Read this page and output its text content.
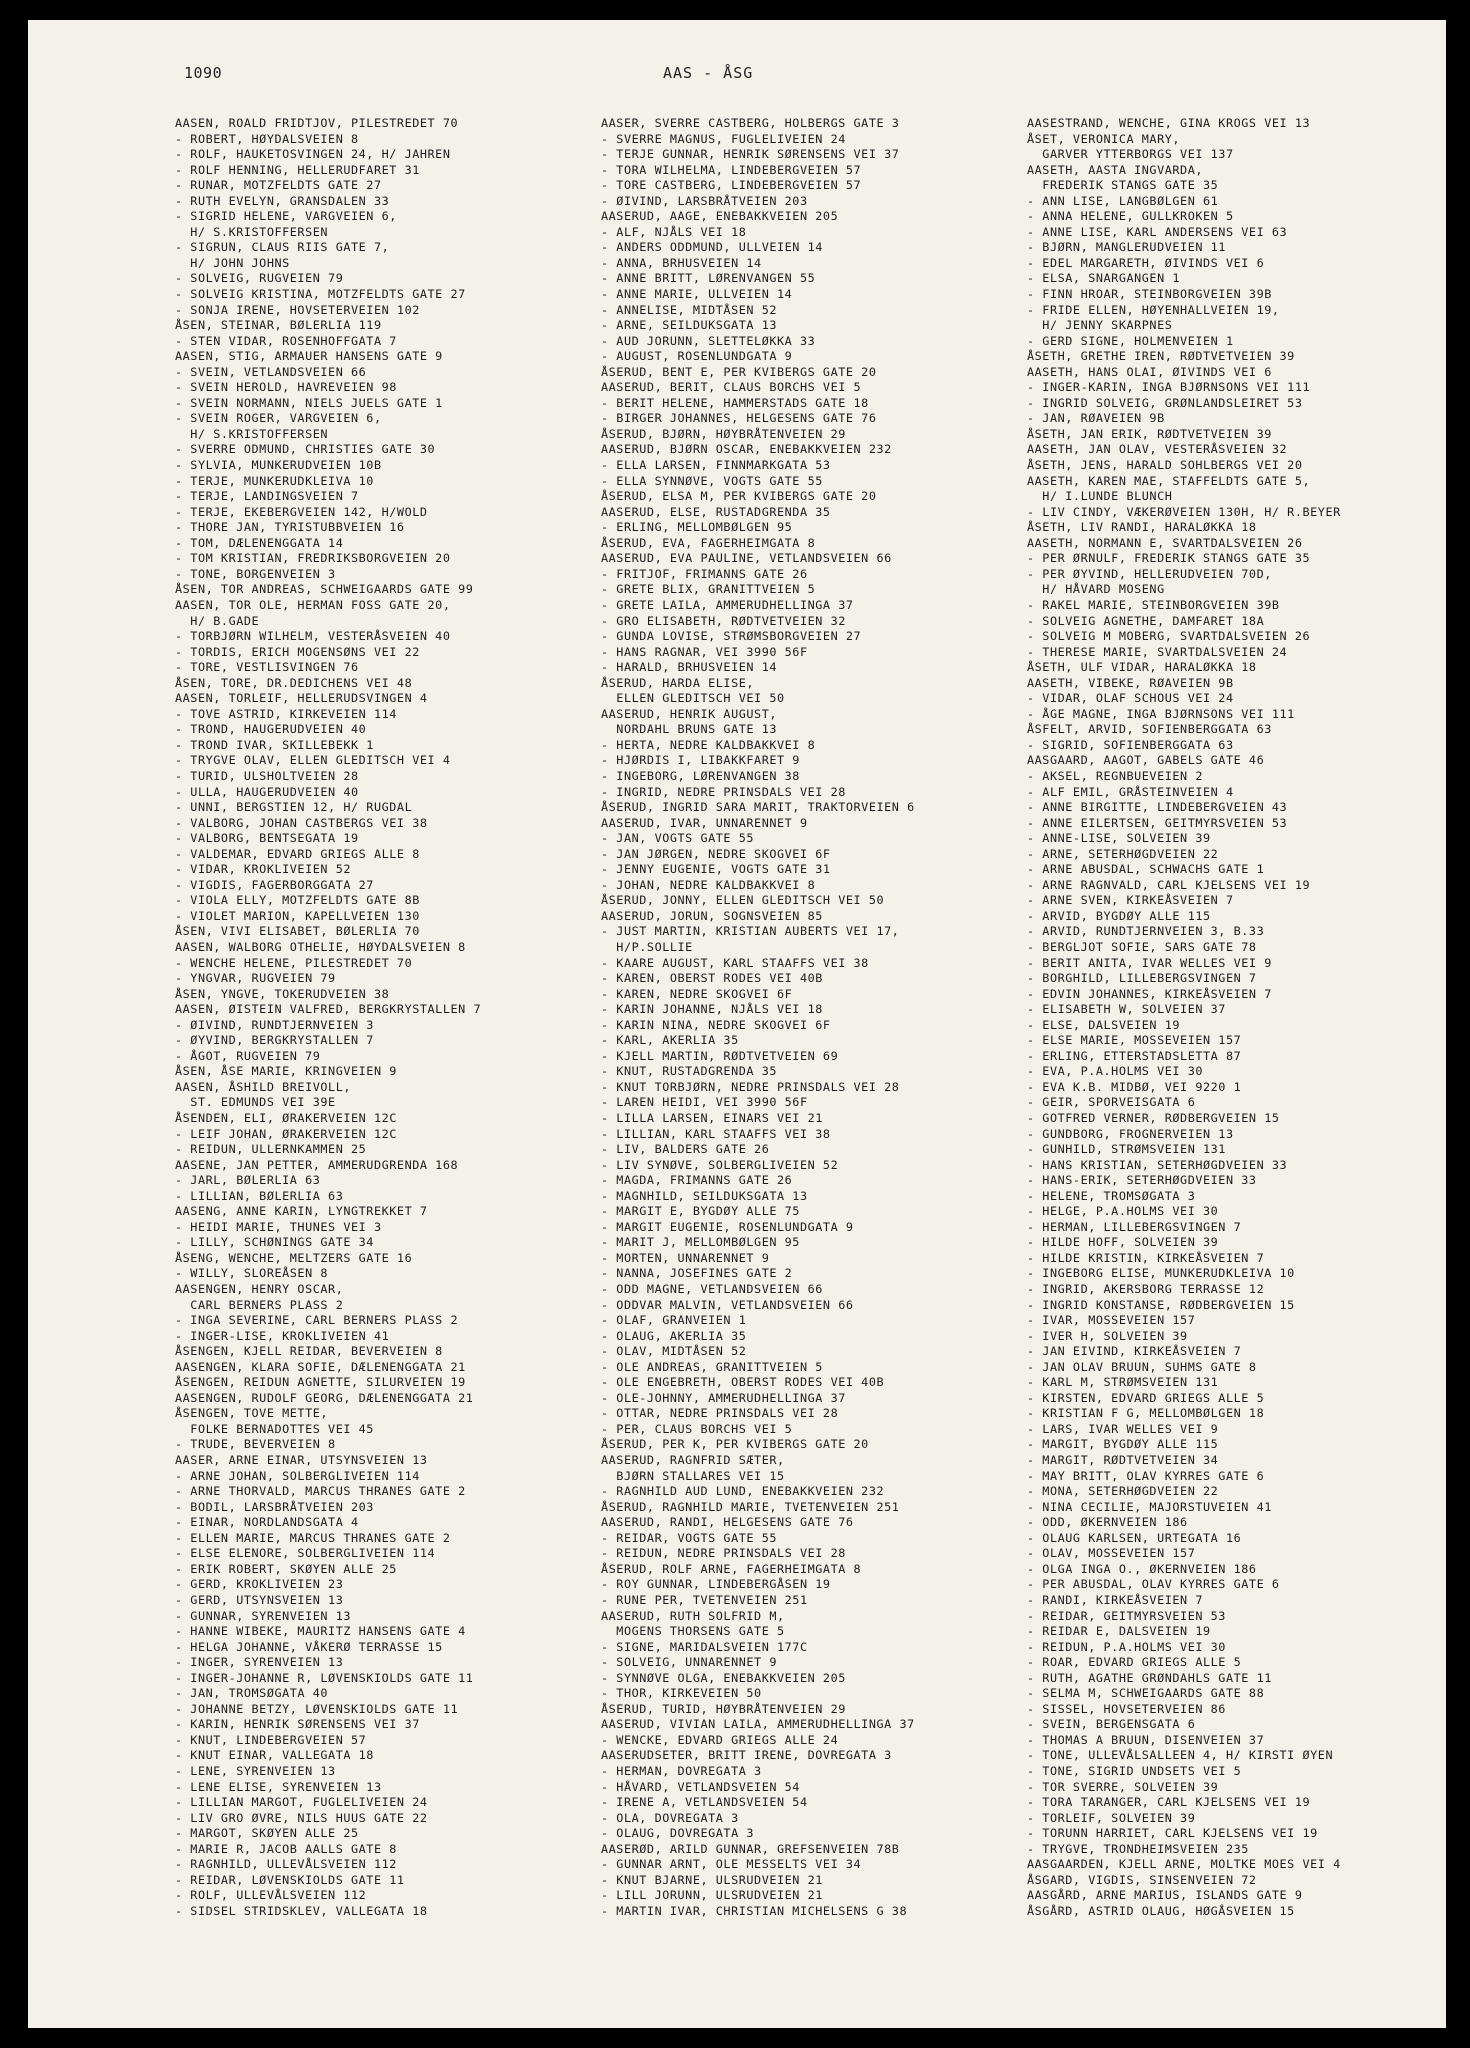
1090	AAS - ÅSG
AASEN, ROALD FRIDTJOV, PILESTREDET 70
- ROBERT, HØYDALSVEIEN 8
- ROLF, HAUKETOSVINGEN 24, H/ JAHREN
- ROLF HENNING, HELLERUDFARET 31
- RUNAR, MOTZFELDTS GATE 27
- RUTH EVELYN, GRANSDALEN 33
- SIGRID HELENE, VARGVEIEN 6,
H/ S.KRISTOFFERSEN
- SIGRUN, CLAUS RIIS GATE 7,
H/ JOHN JOHNS
- SOLVEIG, RUGVEIEN 79
- SOLVEIG KRISTINA, MOTZFELDTS GATE 27
- SONJA IRENE, HOVSETERVEIEN 102
ÅSEN, STEINAR, BØLERLIA 119
- STEN VIDAR, ROSENHOFFGATA 7
AASEN, STIG, ARMAUER HANSENS GATE 9
- SVEIN, VETLANDSVEIEN 66
- SVEIN HEROLD, HAVREVEIEN 98
- SVEIN NORMANN, NIELS JUELS GATE 1
- SVEIN ROGER, VARGVEIEN 6,
H/ S.KRISTOFFERSEN
- SVERRE ODMUND, CHRISTIES GATE 30
- SYLVIA, MUNKERUDVEIEN 10B
- TERJE, MUNKERUDKLEIVA 10
- TERJE, LANDINGSVEIEN 7
- TERJE, EKEBERGVEIEN 142, H/WOLD
- THORE JAN, TYRISTUBBVEIEN 16
- TOM, DÆLENENGGATA 14
- TOM KRISTIAN, FREDRIKSBORGVEIEN 20
- TONE, BORGENVEIEN 3
ÅSEN, TOR ANDREAS, SCHWEIGAARDS GATE 99
AASEN, TOR OLE, HERMAN FOSS GATE 20,
H/ B.GADE
- TORBJØRN WILHELM, VESTERÅSVEIEN 40
- TORDIS, ERICH MOGENSØNS VEI 22
- TORE, VESTLISVINGEN 76
ÅSEN, TORE, DR.DEDICHENS VEI 48
AASEN, TORLEIF, HELLERUDSVINGEN 4
- TOVE ASTRID, KIRKEVEIEN 114
- TROND, HAUGERUDVEIEN 40
- TROND IVAR, SKILLEBEKK 1
- TRYGVE OLAV, ELLEN GLEDITSCH VEI 4
- TURID, ULSHOLTVEIEN 28
- ULLA, HAUGERUDVEIEN 40
- UNNI, BERGSTIEN 12, H/ RUGDAL
- VALBORG, JOHAN CASTBERGS VEI 38
- VALBORG, BENTSEGATA 19
- VALDEMAR, EDVARD GRIEGS ALLE 8
- VIDAR, KROKLIVEIEN 52
- VIGDIS, FAGERBORGGATA 27
- VIOLA ELLY, MOTZFELDTS GATE 8B
- VIOLET MARION, KAPELLVEIEN 130
ÅSEN, VIVI ELISABET, BØLERLIA 70
AASEN, WALBORG OTHELIE, HØYDALSVEIEN 8
- WENCHE HELENE, PILESTREDET 70
- YNGVAR, RUGVEIEN 79
ÅSEN, YNGVE, TOKERUDVEIEN 38
AASEN, ØISTEIN VALFRED, BERGKRYSTALLEN 7
- ØIVIND, RUNDTJERNVEIEN 3
- ØYVIND, BERGKRYSTALLEN 7
- ÅGOT, RUGVEIEN 79
ÅSEN, ÅSE MARIE, KRINGVEIEN 9
AASEN, ÅSHILD BREIVOLL,
ST. EDMUNDS VEI 39E
ÅSENDEN, ELI, ØRAKERVEIEN 12C
- LEIF JOHAN, ØRAKERVEIEN 12C
- REIDUN, ULLERNKAMMEN 25
AASENE, JAN PETTER, AMMERUDGRENDA 168
- JARL, BØLERLIA 63
- LILLIAN, BØLERLIA 63
AASENG, ANNE KARIN, LYNGTREKKET 7
- HEIDI MARIE, THUNES VEI 3
- LILLY, SCHØNINGS GATE 34
ÅSENG, WENCHE, MELTZERS GATE 16
- WILLY, SLOREÅSEN 8
AASENGEN, HENRY OSCAR,
CARL BERNERS PLASS 2
- INGA SEVERINE, CARL BERNERS PLASS 2
- INGER-LISE, KROKLIVEIEN 41
ÅSENGEN, KJELL REIDAR, BEVERVEIEN 8
AASENGEN, KLARA SOFIE, DÆLENENGGATA 21
ÅSENGEN, REIDUN AGNETTE, SILURVEIEN 19
AASENGEN, RUDOLF GEORG, DÆLENENGGATA 21
ÅSENGEN, TOVE METTE,
FOLKE BERNADOTTES VEI 45
- TRUDE, BEVERVEIEN 8
AASER, ARNE EINAR, UTSYNSVEIEN 13
- ARNE JOHAN, SOLBERGLIVEIEN 114
- ARNE THORVALD, MARCUS THRANES GATE 2
- BODIL, LARSBRÅTVEIEN 203
- EINAR, NORDLANDSGATA 4
- ELLEN MARIE, MARCUS THRANES GATE 2
- ELSE ELENORE, SOLBERGLIVEIEN 114
- ERIK ROBERT, SKØYEN ALLE 25
- GERD, KROKLIVEIEN 23
- GERD, UTSYNSVEIEN 13
- GUNNAR, SYRENVEIEN 13
- HANNE WIBEKE, MAURITZ HANSENS GATE 4
- HELGA JOHANNE, VÅKERØ TERRASSE 15
- INGER, SYRENVEIEN 13
- INGER-JOHANNE R, LØVENSKIOLDS GATE 11
- JAN, TROMSØGATA 40
- JOHANNE BETZY, LØVENSKIOLDS GATE 11
- KARIN, HENRIK SØRENSENS VEI 37
- KNUT, LINDEBERGVEIEN 57
- KNUT EINAR, VALLEGATA 18
- LENE, SYRENVEIEN 13
- LENE ELISE, SYRENVEIEN 13
- LILLIAN MARGOT, FUGLELIVEIEN 24
- LIV GRO ØVRE, NILS HUUS GATE 22
- MARGOT, SKØYEN ALLE 25
- MARIE R, JACOB AALLS GATE 8
- RAGNHILD, ULLEVÅLSVEIEN 112
- REIDAR, LØVENSKIOLDS GATE 11
- ROLF, ULLEVÅLSVEIEN 112
- SIDSEL STRIDSKLEV, VALLEGATA 18
AASER, SVERRE CASTBERG, HOLBERGS GATE 3
- SVERRE MAGNUS, FUGLELIVEIEN 24
- TERJE GUNNAR, HENRIK SØRENSENS VEI 37
- TORA WILHELMA, LINDEBERGVEIEN 57
- TORE CASTBERG, LINDEBERGVEIEN 57
- ØIVIND, LARSBRÅTVEIEN 203
AASERUD, AAGE, ENEBAKKVEIEN 205
- ALF, NJÅLS VEI 18
- ANDERS ODDMUND, ULLVEIEN 14
- ANNA, BRHUSVEIEN 14
- ANNE BRITT, LØRENVANGEN 55
- ANNE MARIE, ULLVEIEN 14
- ANNELISE, MIDTÅSEN 52
- ARNE, SEILDUKSGATA 13
- AUD JORUNN, SLETTELØKKA 33
- AUGUST, ROSENLUNDGATA 9
ÅSERUD, BENT E, PER KVIBERGS GATE 20
AASERUD, BERIT, CLAUS BORCHS VEI 5
- BERIT HELENE, HAMMERSTADS GATE 18
- BIRGER JOHANNES, HELGESENS GATE 76
ÅSERUD, BJØRN, HØYBRÅTENVEIEN 29
AASERUD, BJØRN OSCAR, ENEBAKKVEIEN 232
- ELLA LARSEN, FINNMARKGATA 53
- ELLA SYNNØVE, VOGTS GATE 55
ÅSERUD, ELSA M, PER KVIBERGS GATE 20
AASERUD, ELSE, RUSTADGRENDA 35
- ERLING, MELLOMBØLGEN 95
ÅSERUD, EVA, FAGERHEIMGATA 8
AASERUD, EVA PAULINE, VETLANDSVEIEN 66
- FRITJOF, FRIMANNS GATE 26
- GRETE BLIX, GRANITTVEIEN 5
- GRETE LAILA, AMMERUDHELLINGA 37
- GRO ELISABETH, RØDTVETVEIEN 32
- GUNDA LOVISE, STRØMSBORGVEIEN 27
- HANS RAGNAR, VEI 3990 56F
- HARALD, BRHUSVEIEN 14
ÅSERUD, HARDA ELISE,
ELLEN GLEDITSCH VEI 50
AASERUD, HENRIK AUGUST,
NORDAHL BRUNS GATE 13
- HERTA, NEDRE KALDBAKKVEI 8
- HJØRDIS I, LIBAKKFARET 9
- INGEBORG, LØRENVANGEN 38
- INGRID, NEDRE PRINSDALS VEI 28
ÅSERUD, INGRID SARA MARIT, TRAKTORVEIEN 6
AASERUD, IVAR, UNNARENNET 9
- JAN, VOGTS GATE 55
- JAN JØRGEN, NEDRE SKOGVEI 6F
- JENNY EUGENIE, VOGTS GATE 31
- JOHAN, NEDRE KALDBAKKVEI 8
ÅSERUD, JONNY, ELLEN GLEDITSCH VEI 50
AASERUD, JORUN, SOGNSVEIEN 85
- JUST MARTIN, KRISTIAN AUBERTS VEI 17,
H/P.SOLLIE
- KAARE AUGUST, KARL STAAFFS VEI 38
- KAREN, OBERST RODES VEI 40B
- KAREN, NEDRE SKOGVEI 6F
- KARIN JOHANNE, NJÅLS VEI 18
- KARIN NINA, NEDRE SKOGVEI 6F
- KARL, AKERLIA 35
- KJELL MARTIN, RØDTVETVEIEN 69
- KNUT, RUSTADGRENDA 35
- KNUT TORBJØRN, NEDRE PRINSDALS VEI 28
- LAREN HEIDI, VEI 3990 56F
- LILLA LARSEN, EINARS VEI 21
- LILLIAN, KARL STAAFFS VEI 38
- LIV, BALDERS GATE 26
- LIV SYNØVE, SOLBERGLIVEIEN 52
- MAGDA, FRIMANNS GATE 26
- MAGNHILD, SEILDUKSGATA 13
- MARGIT E, BYGDØY ALLE 75
- MARGIT EUGENIE, ROSENLUNDGATA 9
- MARIT J, MELLOMBØLGEN 95
- MORTEN, UNNARENNET 9
- NANNA, JOSEFINES GATE 2
- ODD MAGNE, VETLANDSVEIEN 66
- ODDVAR MALVIN, VETLANDSVEIEN 66
- OLAF, GRANVEIEN 1
- OLAUG, AKERLIA 35
- OLAV, MIDTÅSEN 52
- OLE ANDREAS, GRANITTVEIEN 5
- OLE ENGEBRETH, OBERST RODES VEI 40B
- OLE-JOHNNY, AMMERUDHELLINGA 37
- OTTAR, NEDRE PRINSDALS VEI 28
- PER, CLAUS BORCHS VEI 5
ÅSERUD, PER K, PER KVIBERGS GATE 20
AASERUD, RAGNFRID SÆTER,
BJØRN STALLARES VEI 15
- RAGNHILD AUD LUND, ENEBAKKVEIEN 232
ÅSERUD, RAGNHILD MARIE, TVETENVEIEN 251
AASERUD, RANDI, HELGESENS GATE 76
- REIDAR, VOGTS GATE 55
- REIDUN, NEDRE PRINSDALS VEI 28
ÅSERUD, ROLF ARNE, FAGERHEIMGATA 8
- ROY GUNNAR, LINDEBERGÅSEN 19
- RUNE PER, TVETENVEIEN 251
AASERUD, RUTH SOLFRID M,
MOGENS THORSENS GATE 5
- SIGNE, MARIDALSVEIEN 177C
- SOLVEIG, UNNARENNET 9
- SYNNØVE OLGA, ENEBAKKVEIEN 205
- THOR, KIRKEVEIEN 50
ÅSERUD, TURID, HØYBRÅTENVEIEN 29
AASERUD, VIVIAN LAILA, AMMERUDHELLINGA 37
- WENCKE, EDVARD GRIEGS ALLE 24
AASERUDSETER, BRITT IRENE, DOVREGATA 3
- HERMAN, DOVREGATA 3
- HÅVARD, VETLANDSVEIEN 54
- IRENE A, VETLANDSVEIEN 54
- OLA, DOVREGATA 3
- OLAUG, DOVREGATA 3
AASERØD, ARILD GUNNAR, GREFSENVEIEN 78B
- GUNNAR ARNT, OLE MESSELTS VEI 34
- KNUT BJARNE, ULSRUDVEIEN 21
- LILL JORUNN, ULSRUDVEIEN 21
- MARTIN IVAR, CHRISTIAN MICHELSENS G 38
AASESTRAND, WENCHE, GINA KROGS VEI 13
ÅSET, VERONICA MARY,
GARVER YTTERBORGS VEI 137
AASETH, AASTA INGVARDA,
FREDERIK STANGS GATE 35
- ANN LISE, LANGBØLGEN 61
- ANNA HELENE, GULLKROKEN 5
- ANNE LISE, KARL ANDERSENS VEI 63
- BJØRN, MANGLERUDVEIEN 11
- EDEL MARGARETH, ØIVINDS VEI 6
- ELSA, SNARGANGEN 1
- FINN HROAR, STEINBORGVEIEN 39B
- FRIDE ELLEN, HØYENHALLVEIEN 19,
H/ JENNY SKARPNES
- GERD SIGNE, HOLMENVEIEN 1
ÅSETH, GRETHE IREN, RØDTVETVEIEN 39
AASETH, HANS OLAI, ØIVINDS VEI 6
- INGER-KARIN, INGA BJØRNSONS VEI 111
- INGRID SOLVEIG, GRØNLANDSLEIRET 53
- JAN, RØAVEIEN 9B
ÅSETH, JAN ERIK, RØDTVETVEIEN 39
AASETH, JAN OLAV, VESTERÅSVEIEN 32
ÅSETH, JENS, HARALD SOHLBERGS VEI 20
AASETH, KAREN MAE, STAFFELDTS GATE 5,
H/ I.LUNDE BLUNCH
- LIV CINDY, VÆKERØVEIEN 130H, H/ R.BEYER
ÅSETH, LIV RANDI, HARALØKKA 18
AASETH, NORMANN E, SVARTDALSVEIEN 26
- PER ØRNULF, FREDERIK STANGS GATE 35
- PER ØYVIND, HELLERUDVEIEN 70D,
H/ HÅVARD MOSENG
- RAKEL MARIE, STEINBORGVEIEN 39B
- SOLVEIG AGNETHE, DAMFARET 18A
- SOLVEIG M MOBERG, SVARTDALSVEIEN 26
- THERESE MARIE, SVARTDALSVEIEN 24
ÅSETH, ULF VIDAR, HARALØKKA 18
AASETH, VIBEKE, RØAVEIEN 9B
- VIDAR, OLAF SCHOUS VEI 24
- ÅGE MAGNE, INGA BJØRNSONS VEI 111
ÅSFELT, ARVID, SOFIENBERGGATA 63
- SIGRID, SOFIENBERGGATA 63
AASGAARD, AAGOT, GABELS GATE 46
- AKSEL, REGNBUEVEIEN 2
- ALF EMIL, GRÅSTEINVEIEN 4
- ANNE BIRGITTE, LINDEBERGVEIEN 43
- ANNE EILERTSEN, GEITMYRSVEIEN 53
- ANNE-LISE, SOLVEIEN 39
- ARNE, SETERHØGDVEIEN 22
- ARNE ABUSDAL, SCHWACHS GATE 1
- ARNE RAGNVALD, CARL KJELSENS VEI 19
- ARNE SVEN, KIRKEÅSVEIEN 7
- ARVID, BYGDØY ALLE 115
- ARVID, RUNDTJERNVEIEN 3, B.33
- BERGLJOT SOFIE, SARS GATE 78
- BERIT ANITA, IVAR WELLES VEI 9
- BORGHILD, LILLEBERGSVINGEN 7
- EDVIN JOHANNES, KIRKEÅSVEIEN 7
- ELISABETH W, SOLVEIEN 37
- ELSE, DALSVEIEN 19
- ELSE MARIE, MOSSEVEIEN 157
- ERLING, ETTERSTADSLETTA 87
- EVA, P.A.HOLMS VEI 30
- EVA K.B. MIDBØ, VEI 9220 1
- GEIR, SPORVEISGATA 6
- GOTFRED VERNER, RØDBERGVEIEN 15
- GUNDBORG, FROGNERVEIEN 13
- GUNHILD, STRØMSVEIEN 131
- HANS KRISTIAN, SETERHØGDVEIEN 33
- HANS-ERIK, SETERHØGDVEIEN 33
- HELENE, TROMSØGATA 3
- HELGE, P.A.HOLMS VEI 30
- HERMAN, LILLEBERGSVINGEN 7
- HILDE HOFF, SOLVEIEN 39
- HILDE KRISTIN, KIRKEÅSVEIEN 7
- INGEBORG ELISE, MUNKERUDKLEIVA 10
- INGRID, AKERSBORG TERRASSE 12
- INGRID KONSTANSE, RØDBERGVEIEN 15
- IVAR, MOSSEVEIEN 157
- IVER H, SOLVEIEN 39
- JAN EIVIND, KIRKEÅSVEIEN 7
- JAN OLAV BRUUN, SUHMS GATE 8
- KARL M, STRØMSVEIEN 131
- KIRSTEN, EDVARD GRIEGS ALLE 5
- KRISTIAN F G, MELLOMBØLGEN 18
- LARS, IVAR WELLES VEI 9
- MARGIT, BYGDØY ALLE 115
- MARGIT, RØDTVETVEIEN 34
- MAY BRITT, OLAV KYRRES GATE 6
- MONA, SETERHØGDVEIEN 22
- NINA CECILIE, MAJORSTUVEIEN 41
- ODD, ØKERNVEIEN 186
- OLAUG KARLSEN, URTEGATA 16
- OLAV, MOSSEVEIEN 157
- OLGA INGA O., ØKERNVEIEN 186
- PER ABUSDAL, OLAV KYRRES GATE 6
- RANDI, KIRKEÅSVEIEN 7
- REIDAR, GEITMYRSVEIEN 53
- REIDAR E, DALSVEIEN 19
- REIDUN, P.A.HOLMS VEI 30
- ROAR, EDVARD GRIEGS ALLE 5
- RUTH, AGATHE GRØNDAHLS GATE 11
- SELMA M, SCHWEIGAARDS GATE 88
- SISSEL, HOVSETERVEIEN 86
- SVEIN, BERGENSGATA 6
- THOMAS A BRUUN, DISENVEIEN 37
- TONE, ULLEVÅLSALLEEN 4, H/ KIRSTI ØYEN
- TONE, SIGRID UNDSETS VEI 5
- TOR SVERRE, SOLVEIEN 39
- TORA TARANGER, CARL KJELSENS VEI 19
- TORLEIF, SOLVEIEN 39
- TORUNN HARRIET, CARL KJELSENS VEI 19
- TRYGVE, TRONDHEIMSVEIEN 235
AASGAARDEN, KJELL ARNE, MOLTKE MOES VEI 4
ÅSGARD, VIGDIS, SINSENVEIEN 72
AASGÅRD, ARNE MARIUS, ISLANDS GATE 9
ÅSGÅRD, ASTRID OLAUG, HØGÅSVEIEN 15
